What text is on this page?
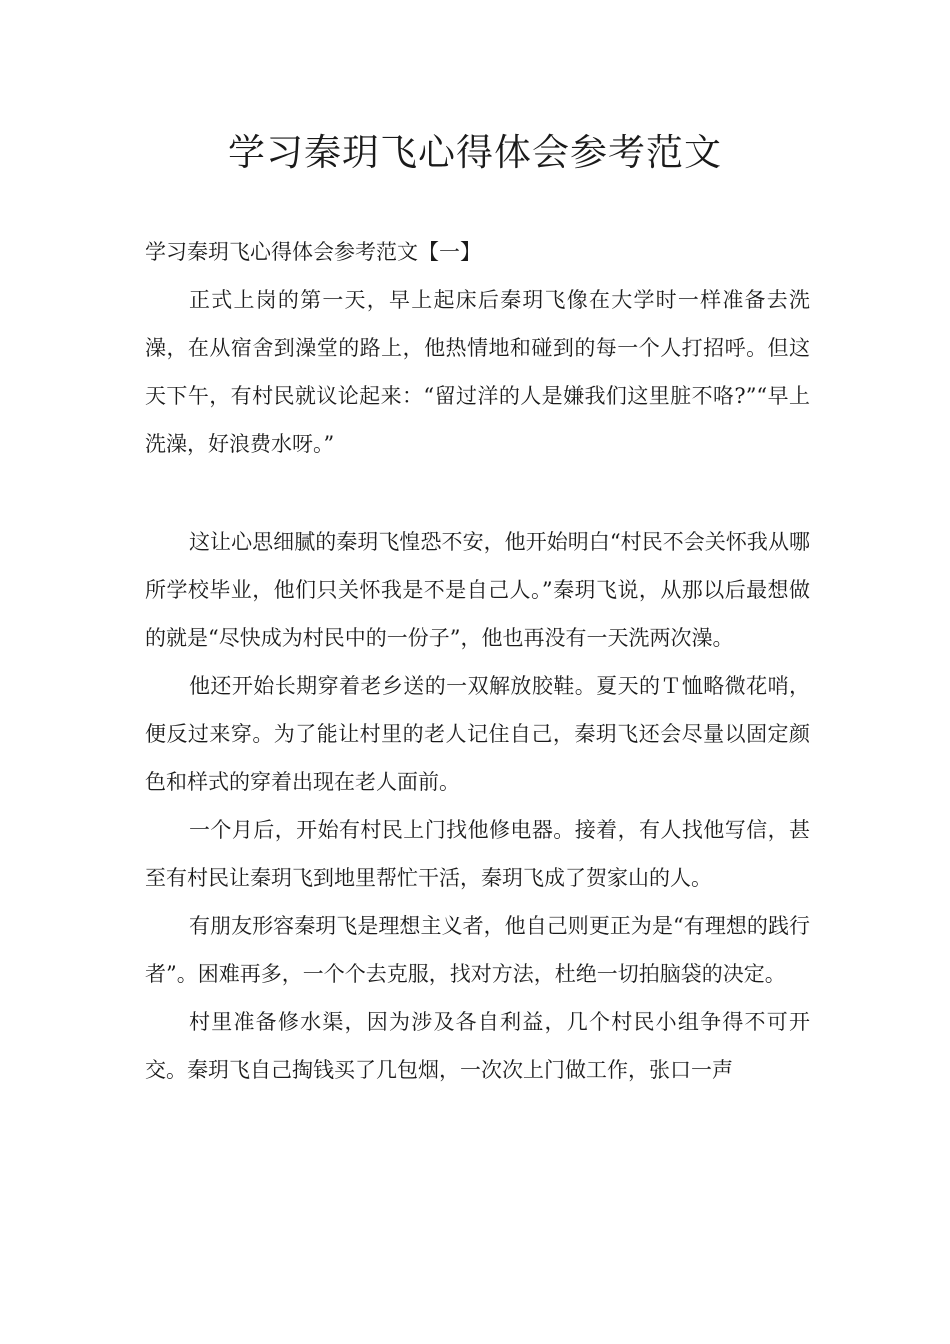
学习秦玥飞心得体会参考范文
学习秦玥飞心得体会参考范文【一】

正式上岗的第一天，早上起床后秦玥飞像在大学时一样准备去洗澡，在从宿舍到澡堂的路上，他热情地和碰到的每一个人打招呼。但这天下午，有村民就议论起来：“留过洋的人是嫌我们这里脏不咯?”“早上洗澡，好浪费水呀。”

这让心思细腻的秦玥飞惶恐不安，他开始明白“村民不会关怀我从哪所学校毕业，他们只关怀我是不是自己人。”秦玥飞说，从那以后最想做的就是“尽快成为村民中的一份子”，他也再没有一天洗两次澡。

他还开始长期穿着老乡送的一双解放胶鞋。夏天的Ｔ恤略微花哨，便反过来穿。为了能让村里的老人记住自己，秦玥飞还会尽量以固定颜色和样式的穿着出现在老人面前。

一个月后，开始有村民上门找他修电器。接着，有人找他写信，甚至有村民让秦玥飞到地里帮忙干活，秦玥飞成了贺家山的人。

有朋友形容秦玥飞是理想主义者，他自己则更正为是“有理想的践行者”。困难再多，一个个去克服，找对方法，杜绝一切拍脑袋的决定。

村里准备修水渠，因为涉及各自利益，几个村民小组争得不可开交。秦玥飞自己掏钱买了几包烟，一次次上门做工作，张口一声
